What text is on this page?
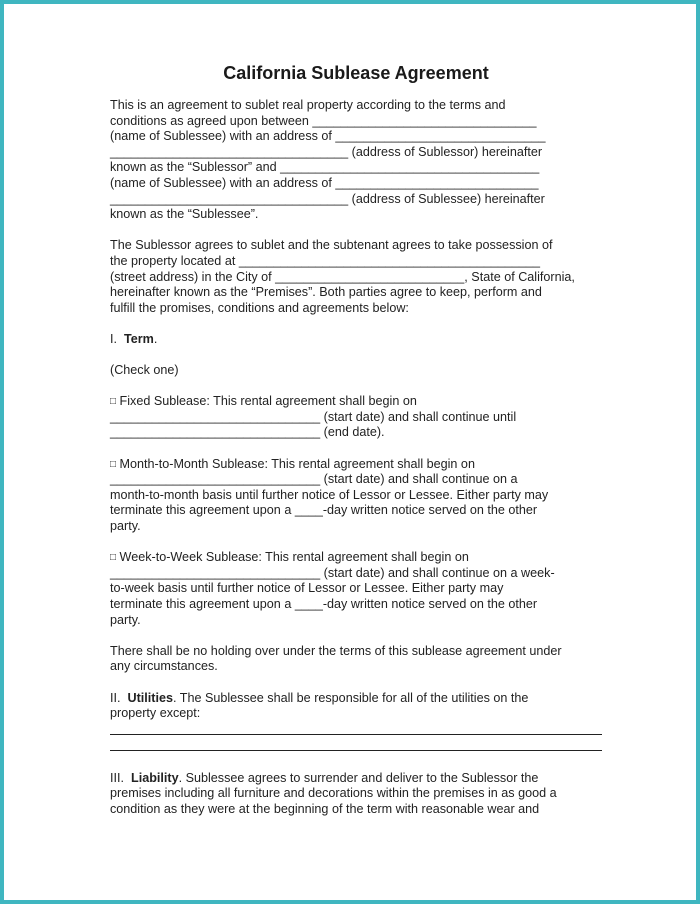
California Sublease Agreement
This is an agreement to sublet real property according to the terms and
conditions as agreed upon between ________________________________
(name of Sublessee) with an address of ______________________________
__________________________________ (address of Sublessor) hereinafter
known as the “Sublessor” and _____________________________________
(name of Sublessee) with an address of _____________________________
__________________________________ (address of Sublessee) hereinafter
known as the “Sublessee”.
The Sublessor agrees to sublet and the subtenant agrees to take possession of
the property located at ___________________________________________
(street address) in the City of ___________________________, State of California,
hereinafter known as the “Premises”. Both parties agree to keep, perform and
fulfill the promises, conditions and agreements below:
I. Term.
(Check one)
□ Fixed Sublease: This rental agreement shall begin on
______________________________ (start date) and shall continue until
______________________________ (end date).
□ Month-to-Month Sublease: This rental agreement shall begin on
______________________________ (start date) and shall continue on a
month-to-month basis until further notice of Lessor or Lessee. Either party may
terminate this agreement upon a ____-day written notice served on the other
party.
□ Week-to-Week Sublease: This rental agreement shall begin on
______________________________ (start date) and shall continue on a week-
to-week basis until further notice of Lessor or Lessee. Either party may
terminate this agreement upon a ____-day written notice served on the other
party.
There shall be no holding over under the terms of this sublease agreement under
any circumstances.
II. Utilities. The Sublessee shall be responsible for all of the utilities on the
property except:
III. Liability. Sublessee agrees to surrender and deliver to the Sublessor the
premises including all furniture and decorations within the premises in as good a
condition as they were at the beginning of the term with reasonable wear and
